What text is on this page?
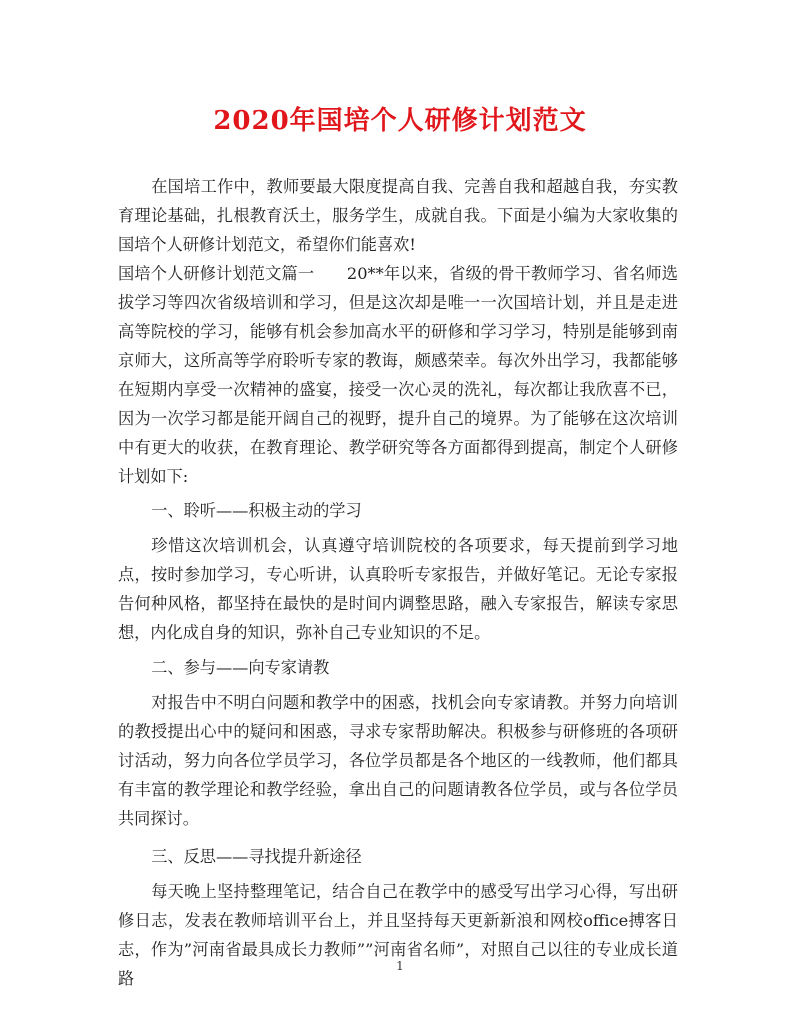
2020年国培个人研修计划范文

在国培工作中，教师要最大限度提高自我、完善自我和超越自我，夯实教育理论基础，扎根教育沃土，服务学生，成就自我。下面是小编为大家收集的国培个人研修计划范文，希望你们能喜欢!

国培个人研修计划范文篇一　　20**年以来，省级的骨干教师学习、省名师选拔学习等四次省级培训和学习，但是这次却是唯一一次国培计划，并且是走进高等院校的学习，能够有机会参加高水平的研修和学习学习，特别是能够到南京师大，这所高等学府聆听专家的教诲，颇感荣幸。每次外出学习，我都能够在短期内享受一次精神的盛宴，接受一次心灵的洗礼，每次都让我欣喜不已，因为一次学习都是能开阔自己的视野，提升自己的境界。为了能够在这次培训中有更大的收获，在教育理论、教学研究等各方面都得到提高，制定个人研修计划如下:

一、聆听——积极主动的学习

珍惜这次培训机会，认真遵守培训院校的各项要求，每天提前到学习地点，按时参加学习，专心听讲，认真聆听专家报告，并做好笔记。无论专家报告何种风格，都坚持在最快的是时间内调整思路，融入专家报告，解读专家思想，内化成自身的知识，弥补自己专业知识的不足。

二、参与——向专家请教

对报告中不明白问题和教学中的困惑，找机会向专家请教。并努力向培训的教授提出心中的疑问和困惑，寻求专家帮助解决。积极参与研修班的各项研讨活动，努力向各位学员学习，各位学员都是各个地区的一线教师，他们都具有丰富的教学理论和教学经验，拿出自己的问题请教各位学员，或与各位学员共同探讨。

三、反思——寻找提升新途径

每天晚上坚持整理笔记，结合自己在教学中的感受写出学习心得，写出研修日志，发表在教师培训平台上，并且坚持每天更新新浪和网校office搏客日志，作为”河南省最具成长力教师””河南省名师”，对照自己以往的专业成长道路

1
